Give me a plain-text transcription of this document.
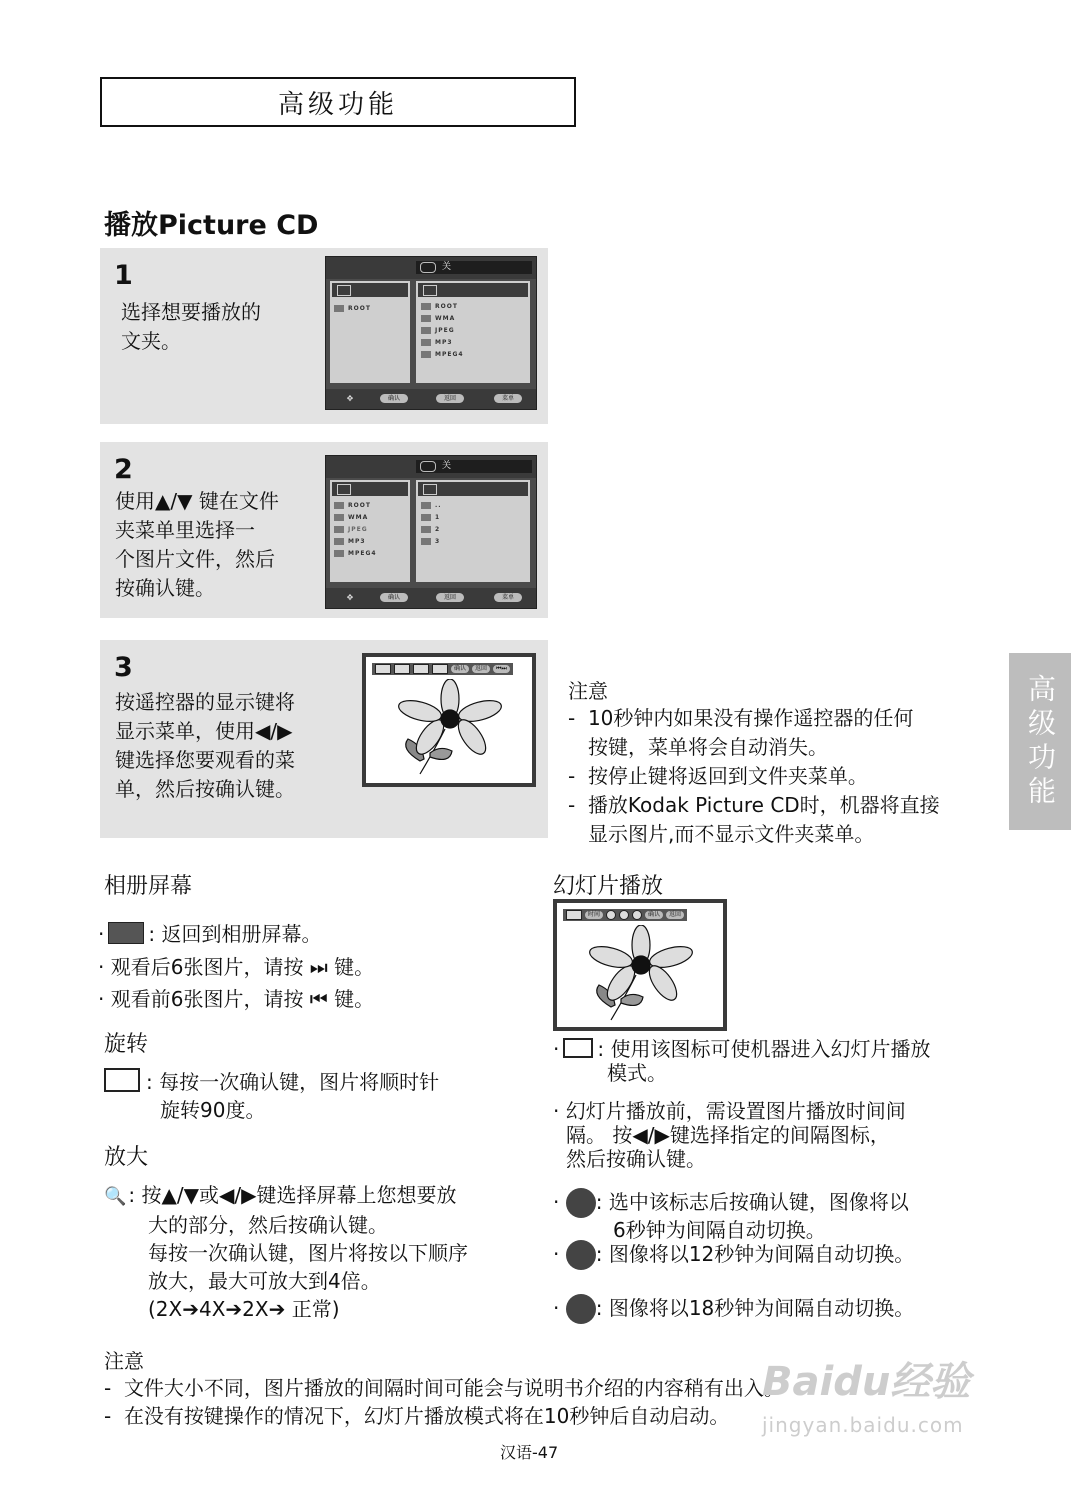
高级功能
播放Picture CD
1
选择想要播放的
文夹。
关
ROOT	ROOT
WMA
JPEG
MP3
MPEG4
✥	确认	返回	菜单
2
使用▲/▼ 键在文件
夹菜单里选择一
个图片文件，然后
按确认键。
关
ROOT
WMA
JPEG
MP3
MPEG4
..
1
2
3
✥	确认	返回	菜单
3
按遥控器的显示键将
显示菜单，使用◀/▶
键选择您要观看的菜
单，然后按确认键。
确认	返回	⏮⏭
注意
-  10秒钟内如果没有操作遥控器的任何
按键，菜单将会自动消失。
-  按停止键将返回到文件夹菜单。
-  播放Kodak Picture CD时，机器将直接
显示图片,而不显示文件夹菜单。
高级功能
相册屏幕
· : 返回到相册屏幕。
· 观看后6张图片，请按 ⏭ 键。
· 观看前6张图片，请按 ⏮ 键。
旋转
: 每按一次确认键，图片将顺时针
旋转90度。
放大
🔍 : 按▲/▼或◀/▶键选择屏幕上您想要放
大的部分，然后按确认键。
每按一次确认键，图片将按以下顺序
放大，最大可放大到4倍。
(2X➔4X➔2X➔ 正常)
幻灯片播放
时间	确认	返回
· : 使用该图标可使机器进入幻灯片播放
模式。
· 幻灯片播放前，需设置图片播放时间间
隔。 按◀/▶键选择指定的间隔图标，
然后按确认键。
· : 选中该标志后按确认键，图像将以
6秒钟为间隔自动切换。
· : 图像将以12秒钟为间隔自动切换。
· : 图像将以18秒钟为间隔自动切换。
注意
-  文件大小不同，图片播放的间隔时间可能会与说明书介绍的内容稍有出入。
-  在没有按键操作的情况下，幻灯片播放模式将在10秒钟后自动启动。
Baidu经验
jingyan.baidu.com
汉语-47
